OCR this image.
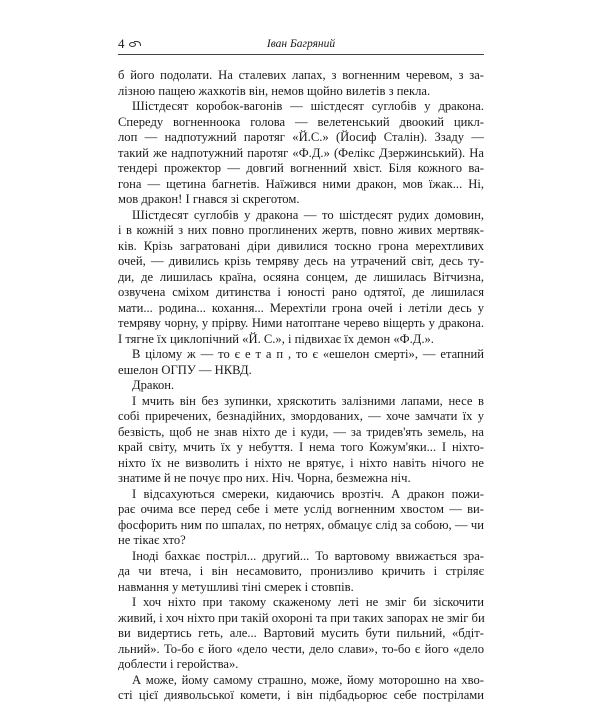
4	Іван Багряний
б його подолати. На сталевих лапах, з вогненним черевом, з за-
лізною пащею жахкотів він, немов щойно вилетів з пекла.
Шістдесят коробок-вагонів — шістдесят суглобів у дракона.
Спереду вогненноока голова — велетенський двоокий цикл-
лоп — надпотужний паротяг «Й.С.» (Йосиф Сталін). Ззаду —
такий же надпотужний паротяг «Ф.Д.» (Фелікс Дзержинський). На
тендері прожектор — довгий вогненний хвіст. Біля кожного ва-
гона — щетина багнетів. Наїжився ними дракон, мов їжак... Ні,
мов дракон! І гнався зі скреготом.
Шістдесят суглобів у дракона — то шістдесят рудих домовин,
і в кожній з них повно проглинених жертв, повно живих мертвяк-
ків. Крізь загратовані діри дивилися тоскно грона мерехтливих
очей, — дивились крізь темряву десь на утрачений світ, десь ту-
ди, де лишилась країна, осяяна сонцем, де лишилась Вітчизна,
озвучена сміхом дитинства і юності рано одтятої, де лишилася
мати... родина... кохання... Мерехтіли грона очей і летіли десь у
темряву чорну, у прірву. Ними натоптане черево віщерть у дракона.
І тягне їх циклопічний «Й. С.», і підвихає їх демон «Ф.Д.».
В цілому ж — то є е т а п , то є «ешелон смерті», — етапний
ешелон ОГПУ — НКВД.
Дракон.
І мчить він без зупинки, хряскотить залізними лапами, несе в
собі приречених, безнадійних, змордованих, — хоче замчати їх у
безвість, щоб не знав ніхто де і куди, — за тридев'ять земель, на
край світу, мчить їх у небуття. І нема того Кожум'яки... І ніхто-
ніхто їх не визволить і ніхто не врятує, і ніхто навіть нічого не
знатиме й не почує про них. Ніч. Чорна, безмежна ніч.
І відсахуються смереки, кидаючись врозтіч. А дракон пожи-
рає очима все перед себе і мете услід вогненним хвостом — ви-
фосфорить ним по шпалах, по нетрях, обмацує слід за собою, — чи
не тікає хто?
Іноді бахкає постріл... другий... То вартовому ввижається зра-
да чи втеча, і він несамовито, пронизливо кричить і стріляє
навмання у метушливі тіні смерек і стовпів.
І хоч ніхто при такому скаженому леті не зміг би зіскочити
живий, і хоч ніхто при такій охороні та при таких запорах не зміг би
ви видертись геть, але... Вартовий мусить бути пильний, «бдіт-
льний». То-бо є його «дело чести, дело слави», то-бо є його «дело
доблести і геройства».
А може, йому самому страшно, може, йому моторошно на хво-
сті цієї диявольської комети, і він підбадьорює себе пострілами
